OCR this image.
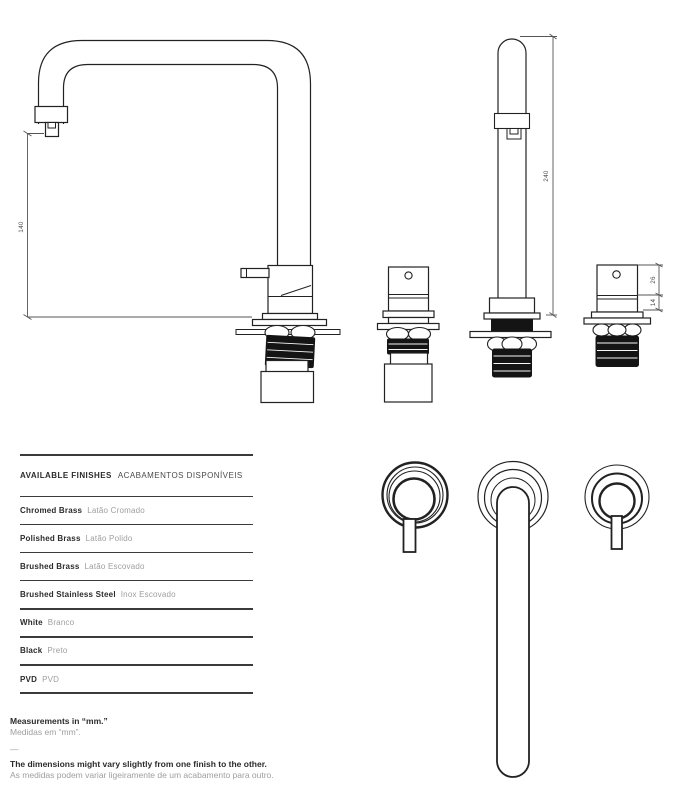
140
240
26
14
AVAILABLE FINISHES ACABAMENTOS DISPONÍVEIS
Chromed Brass Latão Cromado
Polished Brass Latão Polido
Brushed Brass Latão Escovado
Brushed Stainless Steel Inox Escovado
White Branco
Black Preto
PVD PVD
Measurements in “mm.”
Medidas em “mm”.
—
The dimensions might vary slightly from one finish to the other.
As medidas podem variar ligeiramente de um acabamento para outro.
